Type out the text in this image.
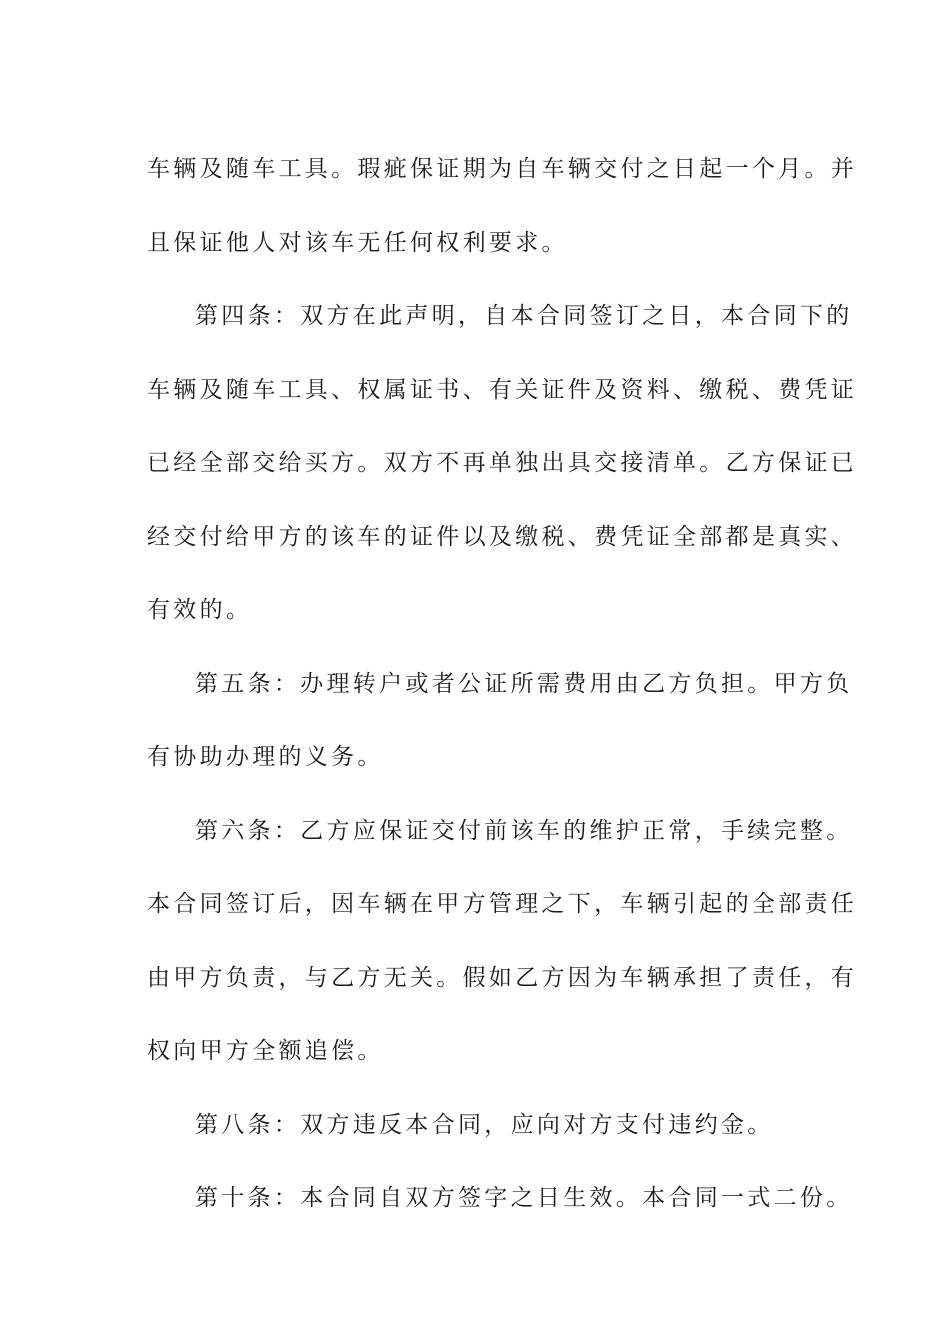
车辆及随车工具。瑕疵保证期为自车辆交付之日起一个月。并
且保证他人对该车无任何权利要求。
第四条：双方在此声明，自本合同签订之日，本合同下的
车辆及随车工具、权属证书、有关证件及资料、缴税、费凭证
已经全部交给买方。双方不再单独出具交接清单。乙方保证已
经交付给甲方的该车的证件以及缴税、费凭证全部都是真实、
有效的。
第五条：办理转户或者公证所需费用由乙方负担。甲方负
有协助办理的义务。
第六条：乙方应保证交付前该车的维护正常，手续完整。
本合同签订后，因车辆在甲方管理之下，车辆引起的全部责任
由甲方负责，与乙方无关。假如乙方因为车辆承担了责任，有
权向甲方全额追偿。
第八条：双方违反本合同，应向对方支付违约金。
第十条：本合同自双方签字之日生效。本合同一式二份。
